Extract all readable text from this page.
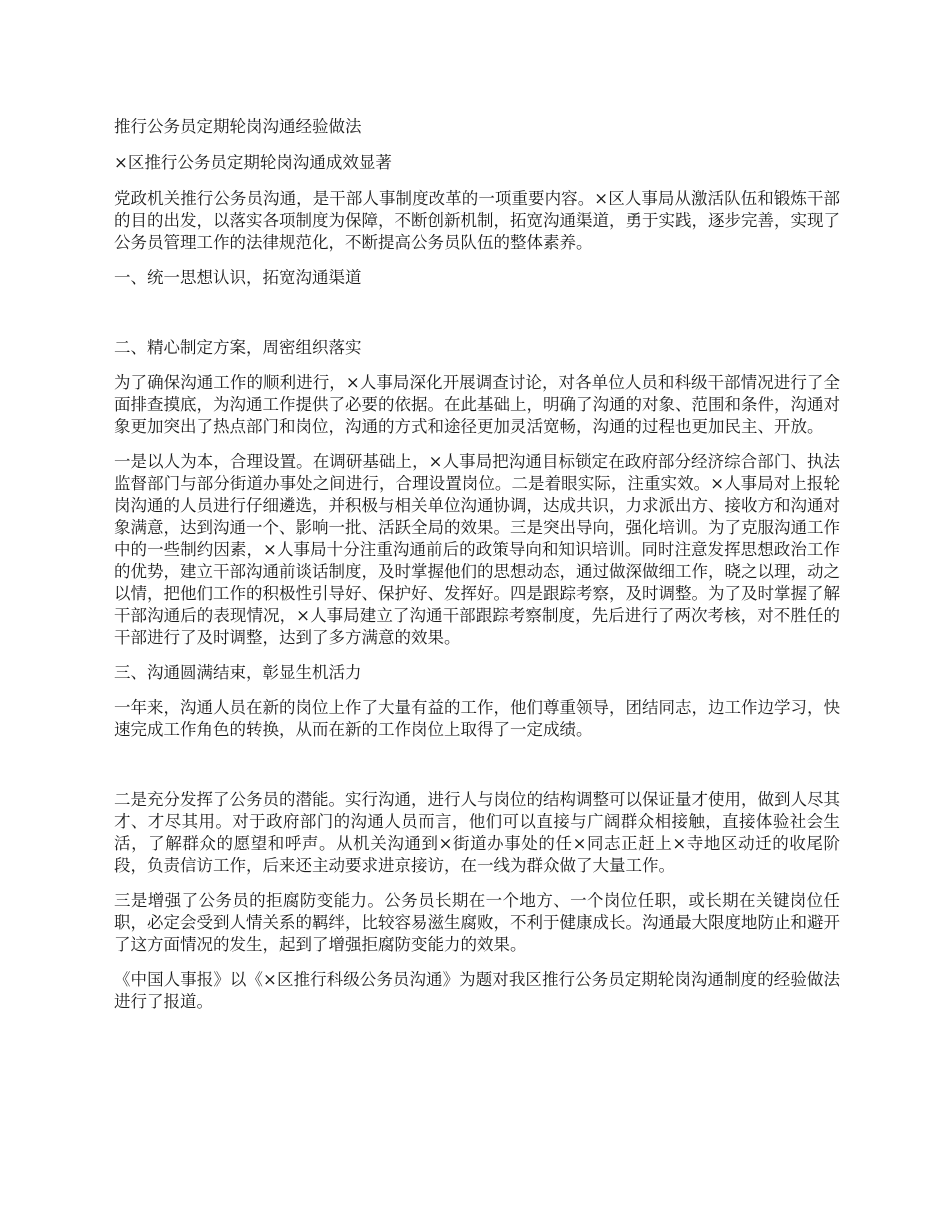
推行公务员定期轮岗沟通经验做法

×区推行公务员定期轮岗沟通成效显著

党政机关推行公务员沟通，是干部人事制度改革的一项重要内容。×区人事局从激活队伍和锻炼干部的目的出发，以落实各项制度为保障，不断创新机制，拓宽沟通渠道，勇于实践，逐步完善，实现了公务员管理工作的法律规范化，不断提高公务员队伍的整体素养。

一、统一思想认识，拓宽沟通渠道

二、精心制定方案，周密组织落实

为了确保沟通工作的顺利进行，×人事局深化开展调查讨论，对各单位人员和科级干部情况进行了全面排查摸底，为沟通工作提供了必要的依据。在此基础上，明确了沟通的对象、范围和条件，沟通对象更加突出了热点部门和岗位，沟通的方式和途径更加灵活宽畅，沟通的过程也更加民主、开放。

一是以人为本，合理设置。在调研基础上，×人事局把沟通目标锁定在政府部分经济综合部门、执法监督部门与部分街道办事处之间进行，合理设置岗位。二是着眼实际，注重实效。×人事局对上报轮岗沟通的人员进行仔细遴选，并积极与相关单位沟通协调，达成共识，力求派出方、接收方和沟通对象满意，达到沟通一个、影响一批、活跃全局的效果。三是突出导向，强化培训。为了克服沟通工作中的一些制约因素，×人事局十分注重沟通前后的政策导向和知识培训。同时注意发挥思想政治工作的优势，建立干部沟通前谈话制度，及时掌握他们的思想动态，通过做深做细工作，晓之以理，动之以情，把他们工作的积极性引导好、保护好、发挥好。四是跟踪考察，及时调整。为了及时掌握了解干部沟通后的表现情况，×人事局建立了沟通干部跟踪考察制度，先后进行了两次考核，对不胜任的干部进行了及时调整，达到了多方满意的效果。

三、沟通圆满结束，彰显生机活力

一年来，沟通人员在新的岗位上作了大量有益的工作，他们尊重领导，团结同志，边工作边学习，快速完成工作角色的转换，从而在新的工作岗位上取得了一定成绩。

二是充分发挥了公务员的潜能。实行沟通，进行人与岗位的结构调整可以保证量才使用，做到人尽其才、才尽其用。对于政府部门的沟通人员而言，他们可以直接与广阔群众相接触，直接体验社会生活，了解群众的愿望和呼声。从机关沟通到×街道办事处的任×同志正赶上×寺地区动迁的收尾阶段，负责信访工作，后来还主动要求进京接访，在一线为群众做了大量工作。

三是增强了公务员的拒腐防变能力。公务员长期在一个地方、一个岗位任职，或长期在关键岗位任职，必定会受到人情关系的羁绊，比较容易滋生腐败，不利于健康成长。沟通最大限度地防止和避开了这方面情况的发生，起到了增强拒腐防变能力的效果。

《中国人事报》以《×区推行科级公务员沟通》为题对我区推行公务员定期轮岗沟通制度的经验做法进行了报道。
